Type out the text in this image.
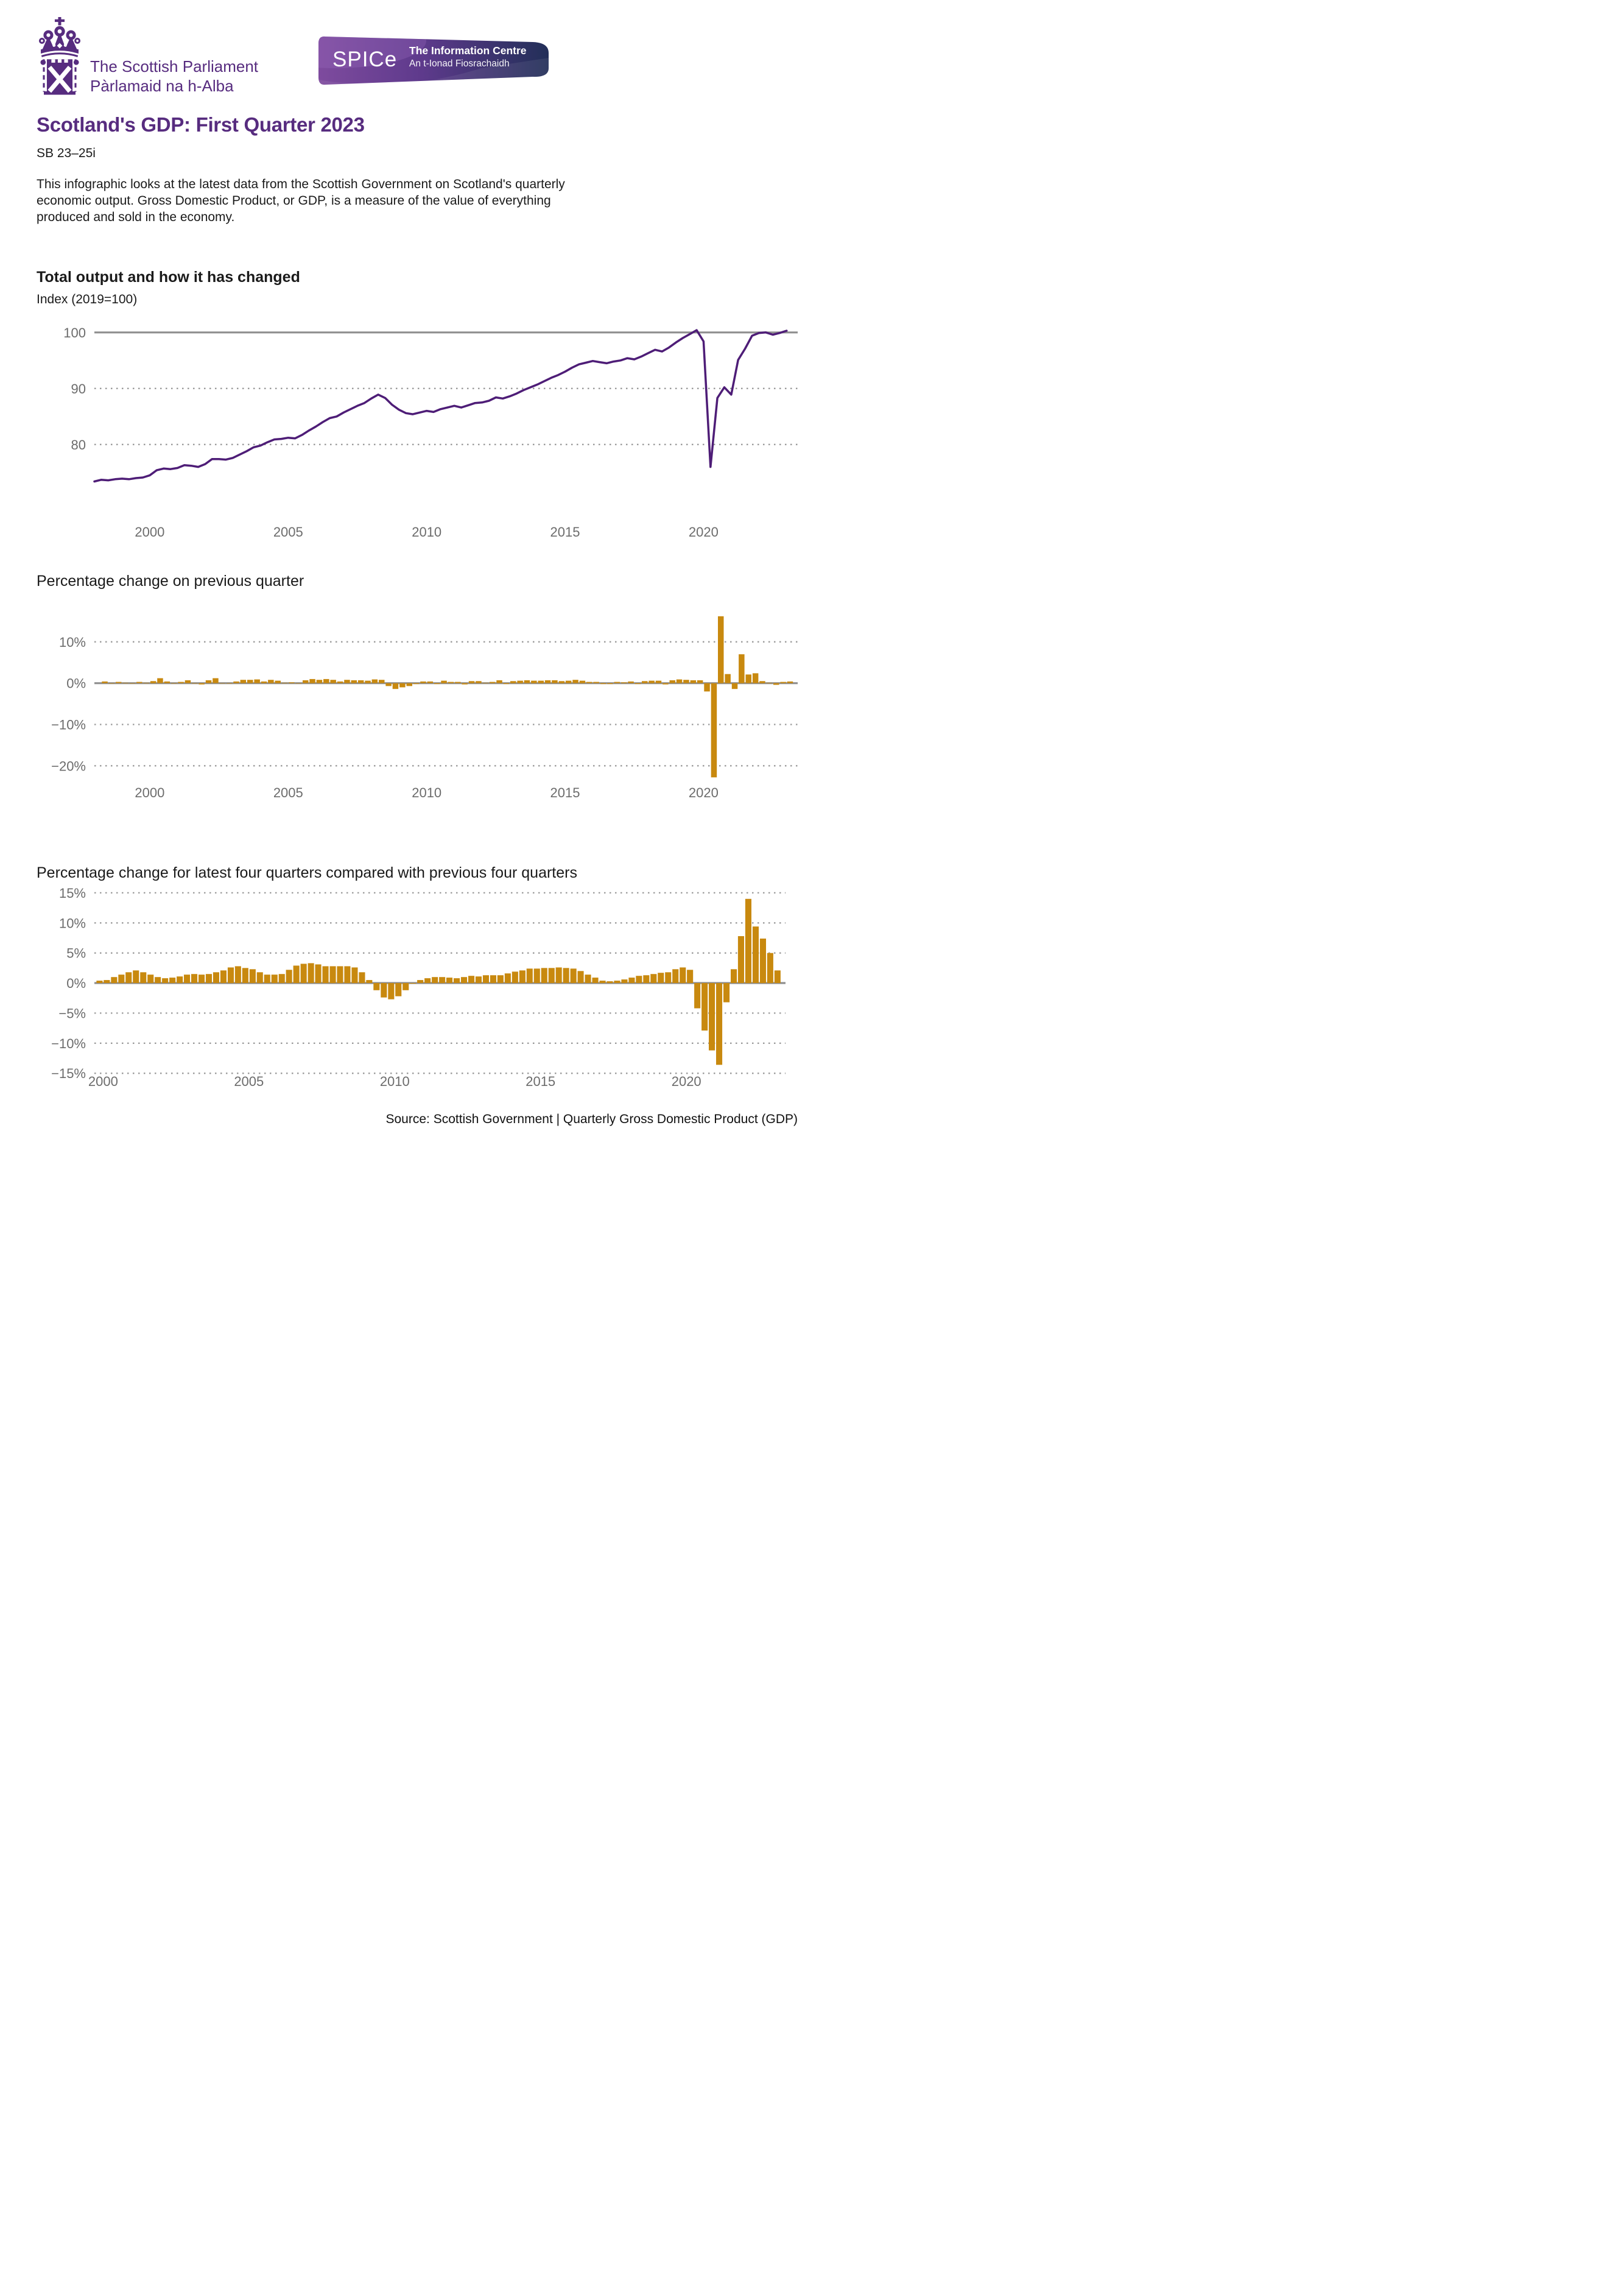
The Scottish Parliament
Pàrlamaid na h-Alba
SPICe The Information Centre
An t-Ionad Fiosrachaidh
Scotland's GDP: First Quarter 2023
SB 23–25i
This infographic looks at the latest data from the Scottish Government on Scotland's quarterly economic output. Gross Domestic Product, or GDP, is a measure of the value of everything produced and sold in the economy.
Total output and how it has changed
Index (2019=100)
100
90
80
2000	2005	2010	2015	2020
Percentage change on previous quarter
10%
0%
−10%
−20%
2000	2005	2010	2015	2020
Percentage change for latest four quarters compared with previous four quarters
15%
10%
5%
0%
−5%
−10%
−15%
2000	2005	2010	2015	2020
Source: Scottish Government | Quarterly Gross Domestic Product (GDP)
